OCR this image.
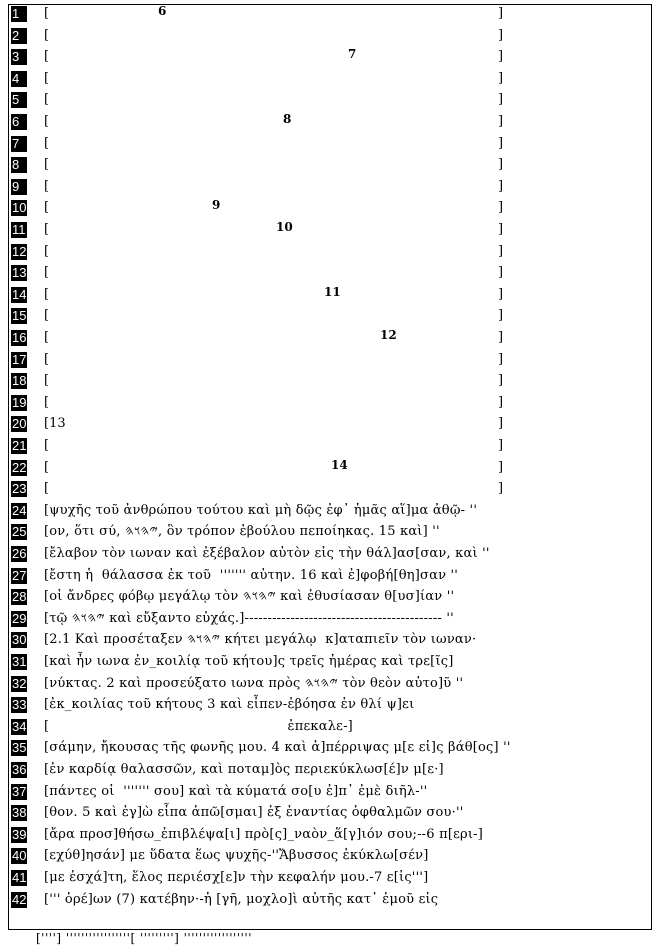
1	[	6	]
2	[	]
3	[	7	]
4	[	]
5	[	]
6	[	8	]
7	[	]
8	[	]
9	[	]
10 [	9	]
11 [	10	]
12 [	]
13 [	]
14 [	11	]
15 [	]
16 [	12	]
17 [	]
18 [	]
19 [	]
20 [13	]
21 [	]
22 [	14	]
23 [	]
24 [ψυχῆς τοῦ ἀνθρώπου τούτου καὶ μὴ δῷς ἐφ᾽ ἡμᾶς αἵ]μα ἀθῷ- ''
25 [ον, ὅτι σύ, 𐤉𐤄𐤅𐤄, ὃν τρόπον ἐβούλου πεποίηκας. 15 καὶ] ''
26 [ἔλαβον τὸν ιωναν καὶ ἐξέβαλον αὐτὸν εἰς τὴν θάλ]ασ[σαν, καὶ ''
27 [ἔστη ἡ  θάλασσα ἐκ τοῦ  ''''''' αὐτην. 16 καὶ ἐ]φοβή[θη]σαν ''
28 [οἱ ἄνδρες φόβῳ μεγάλῳ τὸν 𐤉𐤄𐤅𐤄 καὶ ἐθυσίασαν θ[υσ]ίαν ''
29 [τῷ 𐤉𐤄𐤅𐤄 καὶ εὔξαντο εὐχάς.]------------------------------------------- ''
30 [2.1 Καὶ προσέταξεν 𐤉𐤄𐤅𐤄 κήτει μεγάλῳ  κ]αταπιεῖν τὸν ιωναν·
31 [καὶ ἦν ιωνα ἐν_κοιλίᾳ τοῦ κήτου]ς τρεῖς ἡμέρας καὶ τρε[ῖς]
32 [νύκτας. 2 καὶ προσεύξατο ιωνα πρὸς 𐤉𐤄𐤅𐤄 τὸν θεὸν αὐτο]ῦ ''
33 [ἐκ_κοιλίας τοῦ κήτους 3 καὶ εἶπεν-ἐβόησα ἐν θλί ψ]ει
34 [                                                       ἐπεκαλε-]
35 [σάμην, ἤκουσας τῆς φωνῆς μου. 4 καὶ ἀ]πέρριψας μ[ε εἰ]ς βάθ[ος] ''
36 [ἐν καρδίᾳ θαλασσῶν, καὶ ποταμ]ὸς περιεκύκλωσ[έ]ν μ[ε·]
37 [πάντες οἱ  ''''''' σου] καὶ τὰ κύματά σο[υ ἐ]π᾽ ἐμὲ διῆλ-''
38 [θον. 5 καὶ ἐγ]ὼ εἶπα ἀπῶ[σμαι] ἐξ ἐναντίας ὀφθαλμῶν σου·''
39 [ἄρα προσ]θήσω_ἐπιβλέψα[ι] πρὸ[ς]_ναὸν_ἅ[γ]ιόν σου;--6 π[ερι-]
40 [εχύθ]ησάν] με ὕδατα ἕως ψυχῆς-''Ἄβυσσος ἐκύκλω[σέν]
41 [με ἐσχά]τη, ἕλος περιέσχ[ε]ν τὴν κεφαλήν μου.-7 ε[ἰς''']
42 [''' ὀρέ]ων (7) κατέβην·-ἡ [γῆ, μοχλο]ὶ αὐτῆς κατ᾽ ἐμοῦ εἰς
[''''] '''''''''''''''''[ '''''''''] ''''''''''''''''''
